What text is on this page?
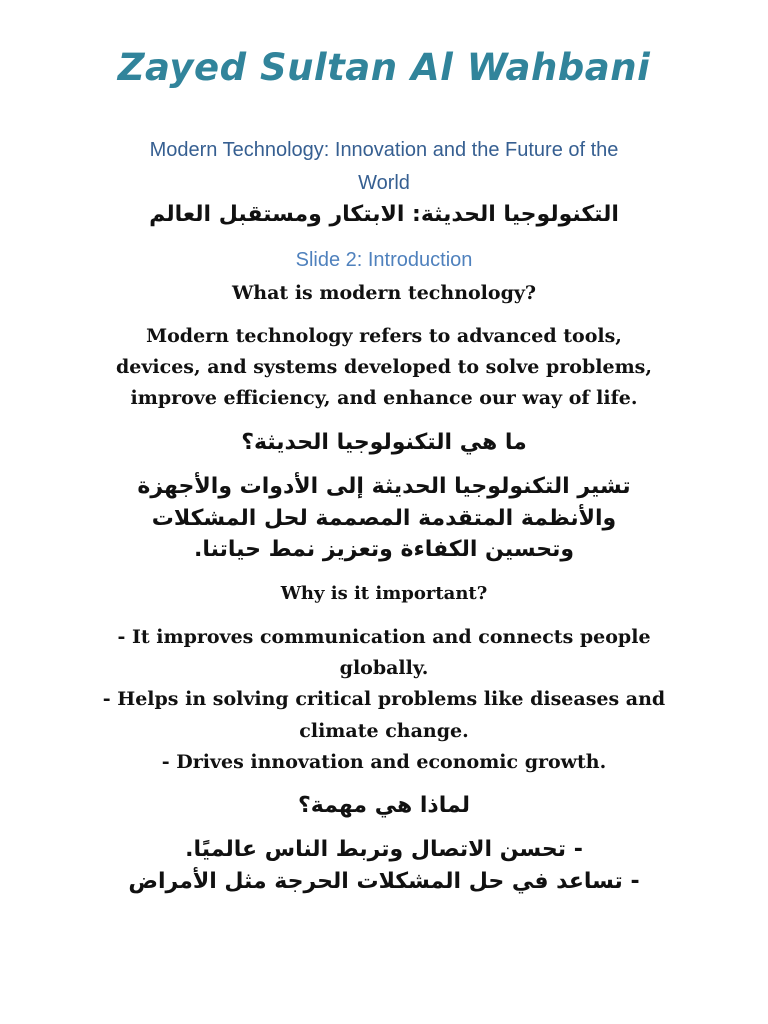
Zayed Sultan Al Wahbani
Modern Technology: Innovation and the Future of the
World
التكنولوجيا الحديثة: الابتكار ومستقبل العالم
Slide 2: Introduction
What is modern technology?
Modern technology refers to advanced tools,
devices, and systems developed to solve problems,
improve efficiency, and enhance our way of life.
ما هي التكنولوجيا الحديثة؟
تشير التكنولوجيا الحديثة إلى الأدوات والأجهزة
والأنظمة المتقدمة المصممة لحل المشكلات
وتحسين الكفاءة وتعزيز نمط حياتنا.
Why is it important?
- It improves communication and connects people
globally.
- Helps in solving critical problems like diseases and
climate change.
- Drives innovation and economic growth.
لماذا هي مهمة؟
- تحسن الاتصال وتربط الناس عالميًا.
- تساعد في حل المشكلات الحرجة مثل الأمراض
